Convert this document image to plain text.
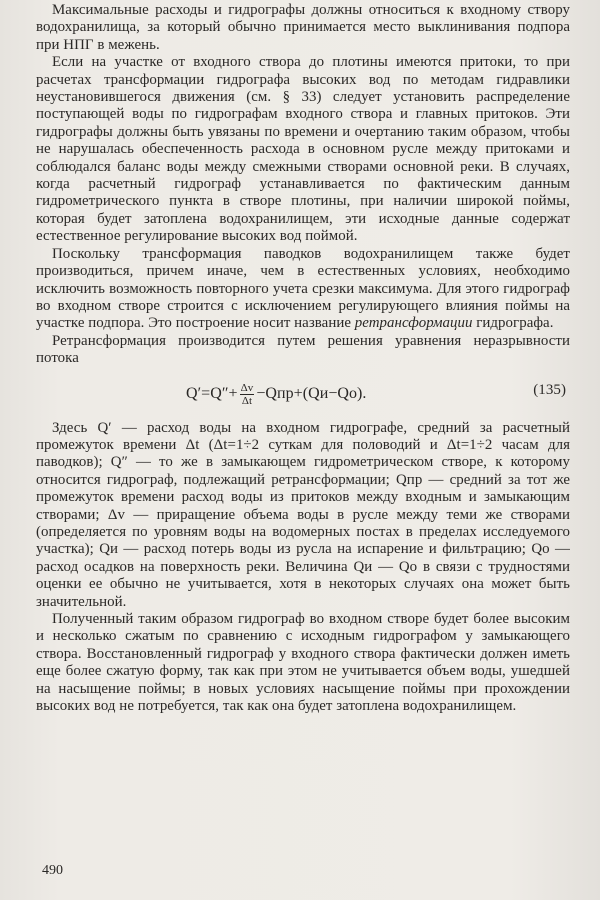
Максимальные расходы и гидрографы должны относиться к входному створу водохранилища, за который обычно принимается место выклинивания подпора при НПГ в межень.

Если на участке от входного створа до плотины имеются притоки, то при расчетах трансформации гидрографа высоких вод по методам гидравлики неустановившегося движения (см. § 33) следует установить распределение поступающей воды по гидрографам входного створа и главных притоков. Эти гидрографы должны быть увязаны по времени и очертанию таким образом, чтобы не нарушалась обеспеченность расхода в основном русле между притоками и соблюдался баланс воды между смежными створами основной реки. В случаях, когда расчетный гидрограф устанавливается по фактическим данным гидрометрического пункта в створе плотины, при наличии широкой поймы, которая будет затоплена водохранилищем, эти исходные данные содержат естественное регулирование высоких вод поймой.

Поскольку трансформация паводков водохранилищем также будет производиться, причем иначе, чем в естественных условиях, необходимо исключить возможность повторного учета срезки максимума. Для этого гидрограф во входном створе строится с исключением регулирующего влияния поймы на участке подпора. Это построение носит название ретрансформации гидрографа.

Ретрансформация производится путем решения уравнения неразрывности потока

$Q'=Q''+ \frac{\Delta v}{\Delta t} -Qпр+(Qи-Qо)$.	(135)

Здесь Q′ — расход воды на входном гидрографе, средний за расчетный промежуток времени Δt (Δt=1÷2 суткам для половодий и Δt=1÷2 часам для паводков); Q″ — то же в замыкающем гидрометрическом створе, к которому относится гидрограф, подлежащий ретрансформации; Qпр — средний за тот же промежуток времени расход воды из притоков между входным и замыкающим створами; Δv — приращение объема воды в русле между теми же створами (определяется по уровням воды на водомерных постах в пределах исследуемого участка); Qи — расход потерь воды из русла на испарение и фильтрацию; Qо — расход осадков на поверхность реки. Величина Qи — Qо в связи с трудностями оценки ее обычно не учитывается, хотя в некоторых случаях она может быть значительной.

Полученный таким образом гидрограф во входном створе будет более высоким и несколько сжатым по сравнению с исходным гидрографом у замыкающего створа. Восстановленный гидрограф у входного створа фактически должен иметь еще более сжатую форму, так как при этом не учитывается объем воды, ушедшей на насыщение поймы; в новых условиях насыщение поймы при прохождении высоких вод не потребуется, так как она будет затоплена водохранилищем.

490
